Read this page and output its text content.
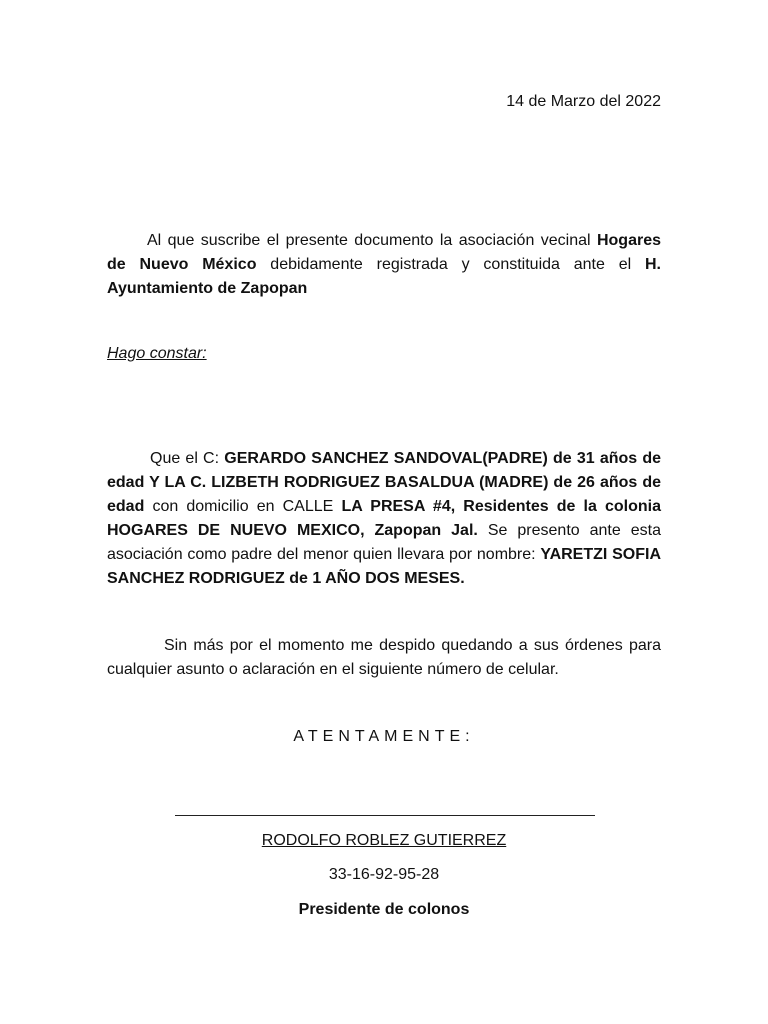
14 de Marzo del 2022
Al que suscribe el presente documento la asociación vecinal Hogares de Nuevo México debidamente registrada y constituida ante el H. Ayuntamiento de Zapopan
Hago constar:
Que el C: GERARDO SANCHEZ SANDOVAL(PADRE) de 31 años de edad Y LA C. LIZBETH RODRIGUEZ BASALDUA (MADRE) de 26 años de edad con domicilio en CALLE LA PRESA #4, Residentes de la colonia HOGARES DE NUEVO MEXICO, Zapopan Jal. Se presento ante esta asociación como padre del menor quien llevara por nombre: YARETZI SOFIA SANCHEZ RODRIGUEZ de 1 AÑO DOS MESES.
Sin más por el momento me despido quedando a sus órdenes para cualquier asunto o aclaración en el siguiente número de celular.
ATENTAMENTE:
RODOLFO ROBLEZ GUTIERREZ
33-16-92-95-28
Presidente de colonos
